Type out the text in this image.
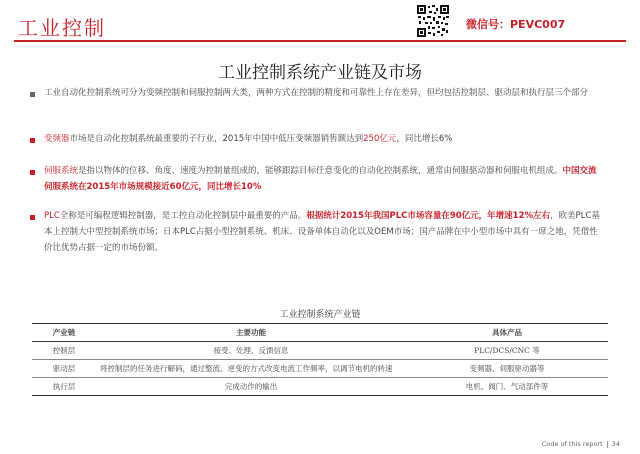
工业控制	微信号：PEVC007
工业控制系统产业链及市场
工业自动化控制系统可分为变频控制和伺服控制两大类，两种方式在控制的精度和可靠性上存在差异，但均包括控制层、驱动层和执行层三个部分
变频器市场是自动化控制系统最重要的子行业，2015年中国中低压变频器销售额达到250亿元，同比增长6%
伺服系统是指以物体的位移、角度、速度为控制量组成的，能够跟踪目标任意变化的自动化控制系统，通常由伺服驱动器和伺服电机组成。中国交流伺服系统在2015年市场规模接近60亿元，同比增长10%
PLC全称是可编程逻辑控制器，是工控自动化控制层中最重要的产品。根据统计2015年我国PLC市场容量在90亿元，年增速12%左右，欧美PLC基本上控制大中型控制系统市场；日本PLC占据小型控制系统、机床、设备单体自动化以及OEM市场；国产品牌在中小型市场中具有一席之地，凭借性价比优势占据一定的市场份额。
工业控制系统产业链
产业链	主要功能	具体产品
控制层	接受、处理、反馈信息	PLC/DCS/CNC 等
驱动层	将控制层的任务进行解码，通过整流、逆变的方式改变电流工作频率，以调节电机的转速	变频器、伺服驱动器等
执行层	完成动作的输出	电机、阀门、气动部件等
Code of this report 34
